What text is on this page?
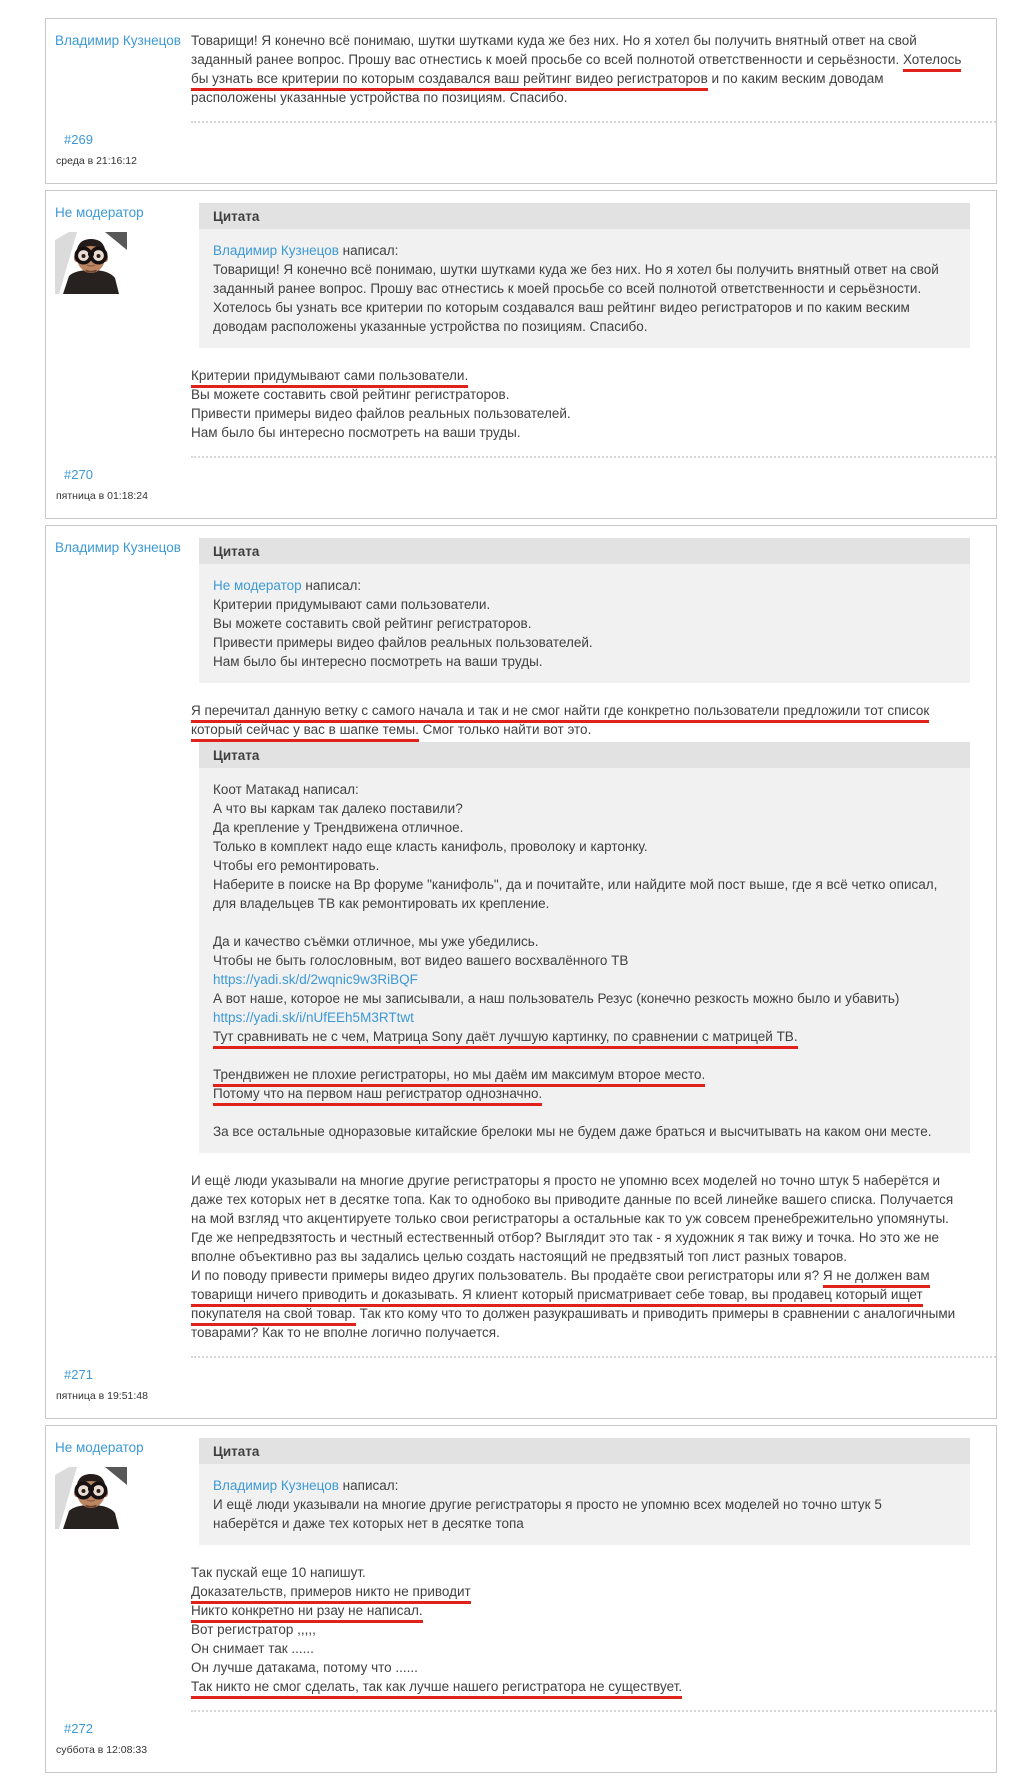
Владимир Кузнецов Товарищи! Я конечно всё понимаю, шутки шутками куда же без них. Но я хотел бы получить внятный ответ на свой заданный ранее вопрос. Прошу вас отнестись к моей просьбе со всей полнотой ответственности и серьёзности. Хотелось бы узнать все критерии по которым создавался ваш рейтинг видео регистраторов и по каким веским доводам расположены указанные устройства по позициям. Спасибо.
#269
среда в 21:16:12
Не модератор	Цитата
Владимир Кузнецов написал:
Товарищи! Я конечно всё понимаю, шутки шутками куда же без них. Но я хотел бы получить внятный ответ на свой заданный ранее вопрос. Прошу вас отнестись к моей просьбе со всей полнотой ответственности и серьёзности. Хотелось бы узнать все критерии по которым создавался ваш рейтинг видео регистраторов и по каким веским доводам расположены указанные устройства по позициям. Спасибо.
Критерии придумывают сами пользователи.
Вы можете составить свой рейтинг регистраторов.
Привести примеры видео файлов реальных пользователей.
Нам было бы интересно посмотреть на ваши труды.
#270
пятница в 01:18:24
Владимир Кузнецов	Цитата
Не модератор написал:
Критерии придумывают сами пользователи.
Вы можете составить свой рейтинг регистраторов.
Привести примеры видео файлов реальных пользователей.
Нам было бы интересно посмотреть на ваши труды.
Я перечитал данную ветку с самого начала и так и не смог найти где конкретно пользователи предложили тот список который сейчас у вас в шапке темы. Смог только найти вот это.
Цитата
Коот Матакад написал:
А что вы каркам так далеко поставили?
Да крепление у Трендвижена отличное.
Только в комплект надо еще класть канифоль, проволоку и картонку.
Чтобы его ремонтировать.
Наберите в поиске на Вр форуме "канифоль", да и почитайте, или найдите мой пост выше, где я всё четко описал, для владельцев ТВ как ремонтировать их крепление.

Да и качество съёмки отличное, мы уже убедились.
Чтобы не быть голословным, вот видео вашего восхвалённого ТВ
https://yadi.sk/d/2wqnic9w3RiBQF
А вот наше, которое не мы записывали, а наш пользователь Резус (конечно резкость можно было и убавить)
https://yadi.sk/i/nUfEEh5M3RTtwt
Тут сравнивать не с чем, Матрица Sony даёт лучшую картинку, по сравнении с матрицей ТВ.

Трендвижен не плохие регистраторы, но мы даём им максимум второе место.
Потому что на первом наш регистратор однозначно.

За все остальные одноразовые китайские брелоки мы не будем даже браться и высчитывать на каком они месте.
И ещё люди указывали на многие другие регистраторы я просто не упомню всех моделей но точно штук 5 наберётся и даже тех которых нет в десятке топа. Как то однобоко вы приводите данные по всей линейке вашего списка. Получается на мой взгляд что акцентируете только свои регистраторы а остальные как то уж совсем пренебрежительно упомянуты. Где же непредвзятость и честный естественный отбор? Выглядит это так - я художник я так вижу и точка. Но это же не вполне объективно раз вы задались целью создать настоящий не предвзятый топ лист разных товаров.
И по поводу привести примеры видео других пользователь. Вы продаёте свои регистраторы или я? Я не должен вам товарищи ничего приводить и доказывать. Я клиент который присматривает себе товар, вы продавец который ищет покупателя на свой товар. Так кто кому что то должен разукрашивать и приводить примеры в сравнении с аналогичными товарами? Как то не вполне логично получается.
#271
пятница в 19:51:48
Не модератор	Цитата
Владимир Кузнецов написал:
И ещё люди указывали на многие другие регистраторы я просто не упомню всех моделей но точно штук 5 наберётся и даже тех которых нет в десятке топа
Так пускай еще 10 напишут.
Доказательств, примеров никто не приводит
Никто конкретно ни рзау не написал.
Вот регистратор ,,,,,
Он снимает так ......
Он лучше датакама, потому что ......
Так никто не смог сделать, так как лучше нашего регистратора не существует.
#272
суббота в 12:08:33
